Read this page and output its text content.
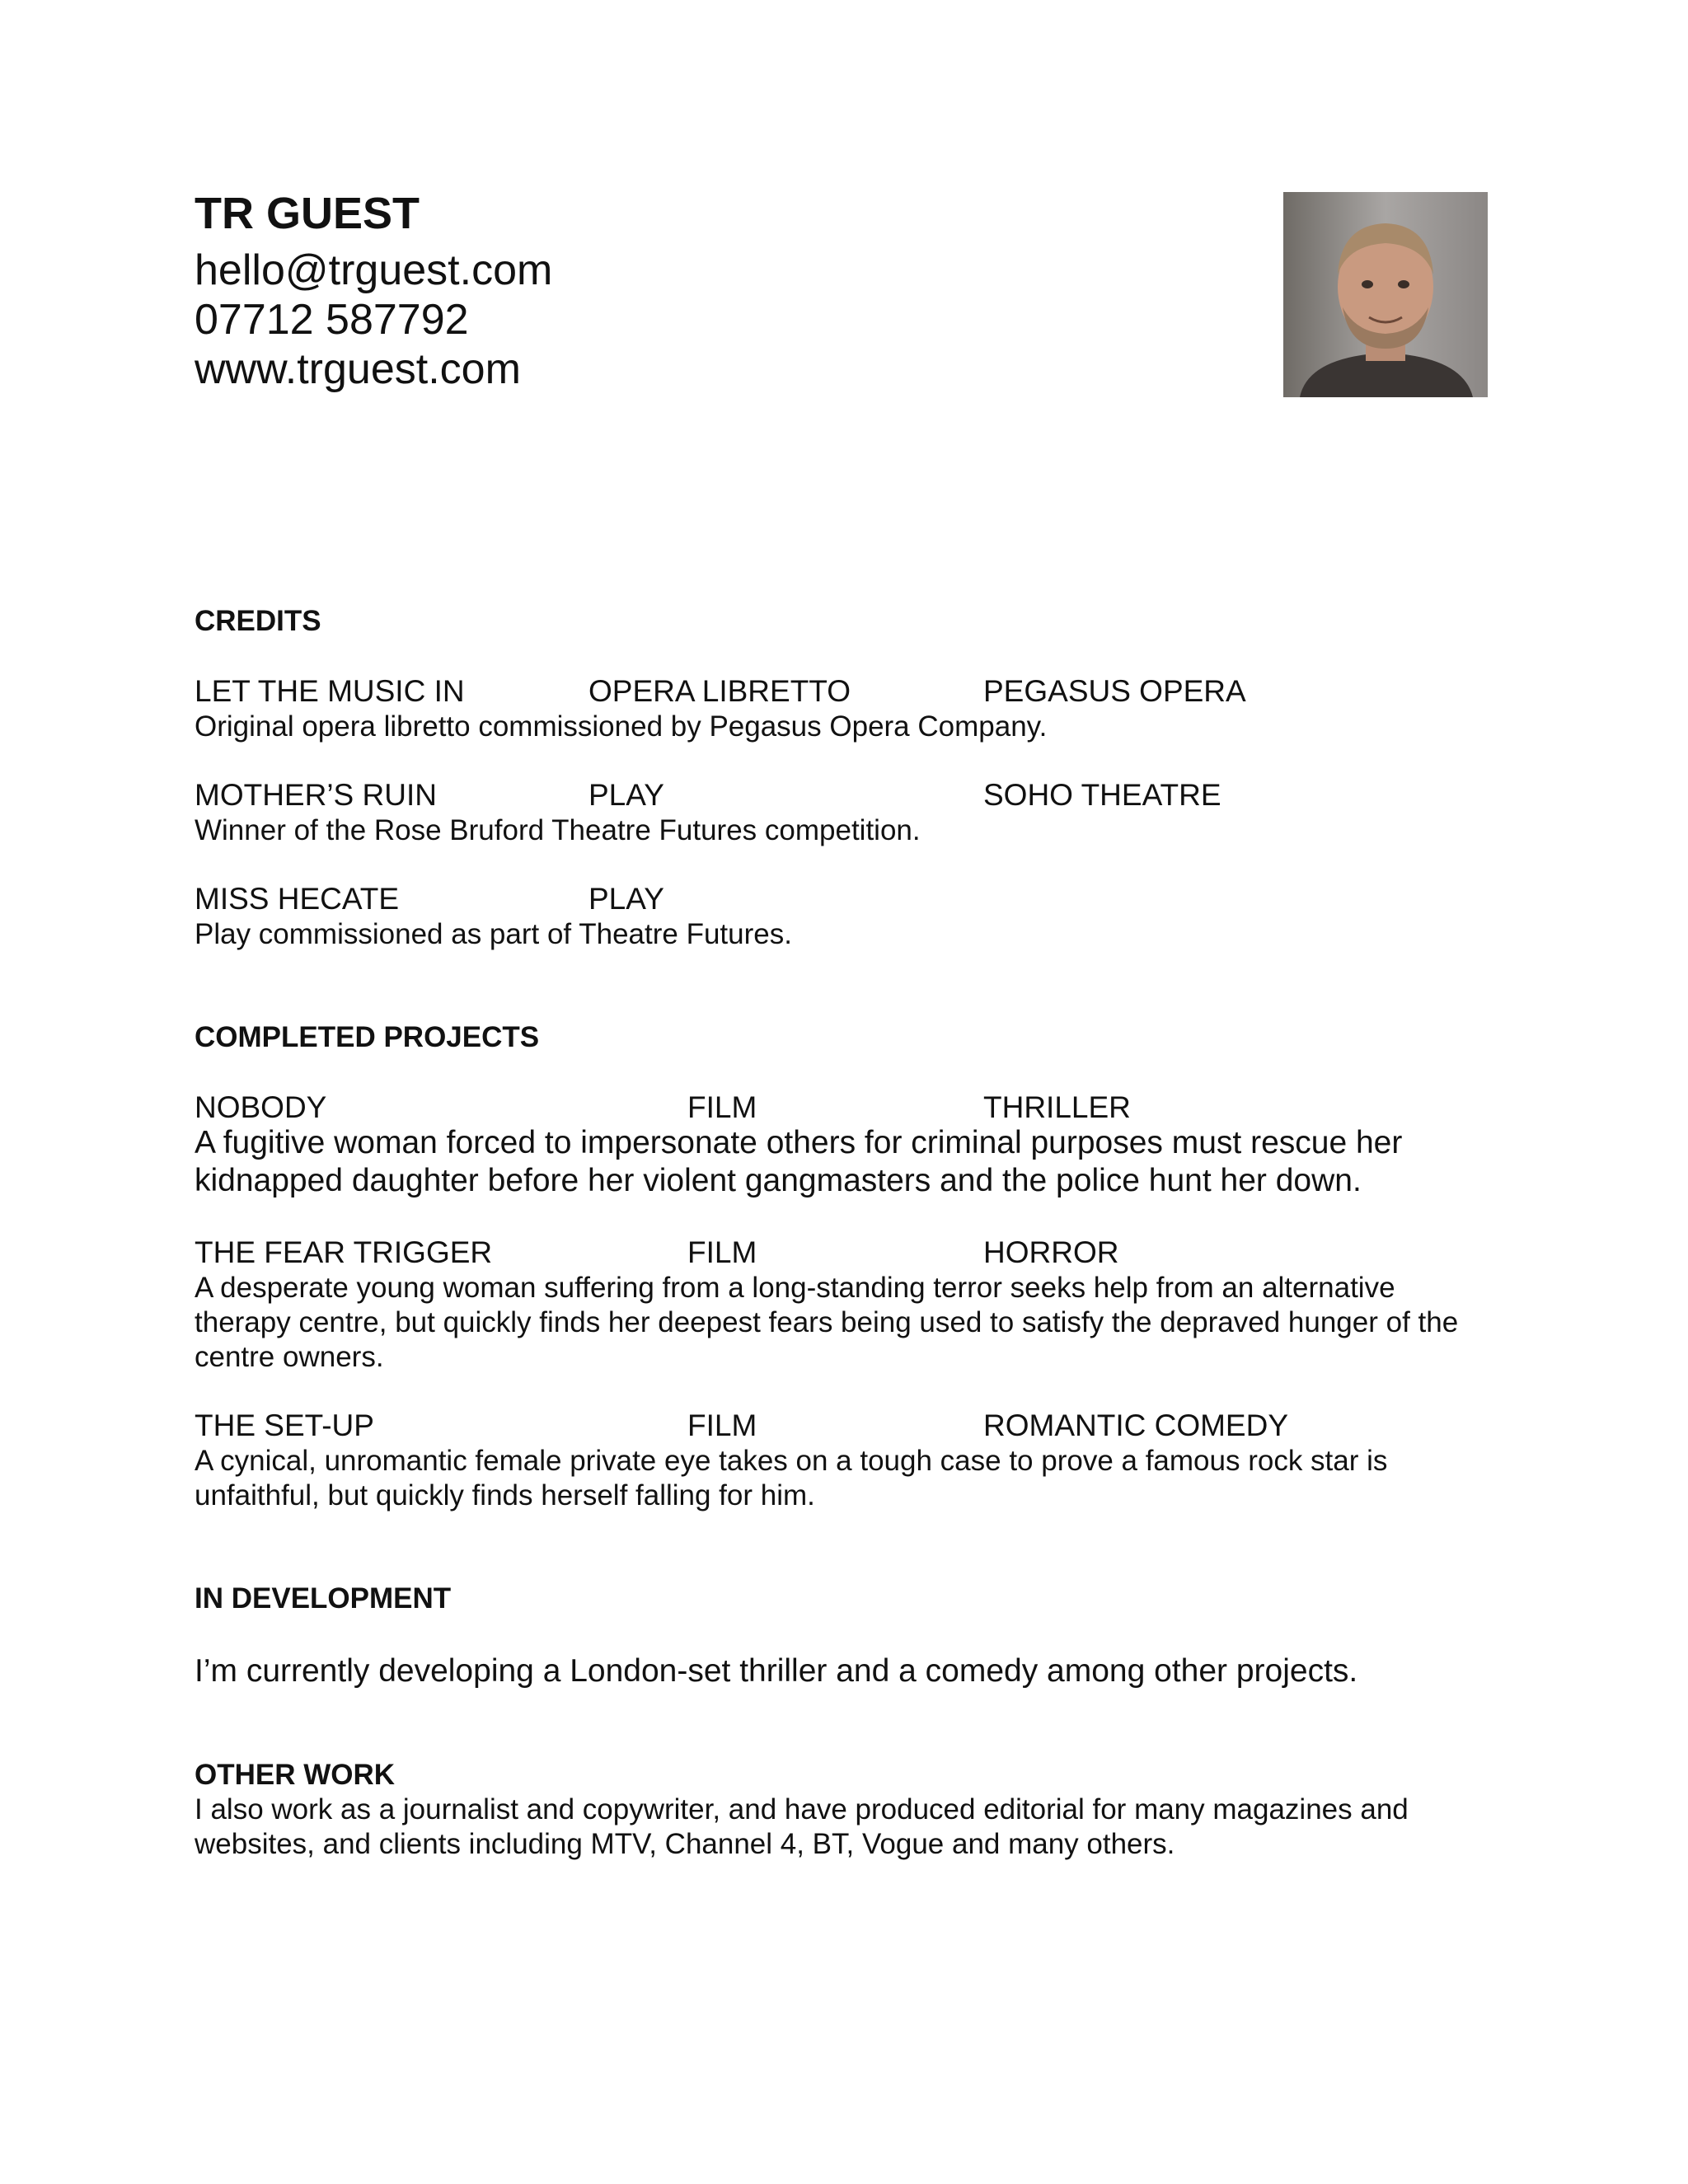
TR GUEST
hello@trguest.com
07712 587792
www.trguest.com
CREDITS
LET THE MUSIC IN	OPERA LIBRETTO	PEGASUS OPERA
Original opera libretto commissioned by Pegasus Opera Company.
MOTHER’S RUIN	PLAY	SOHO THEATRE
Winner of the Rose Bruford Theatre Futures competition.
MISS HECATE	PLAY
Play commissioned as part of Theatre Futures.
COMPLETED PROJECTS
NOBODY	FILM	THRILLER
A fugitive woman forced to impersonate others for criminal purposes must rescue her kidnapped daughter before her violent gangmasters and the police hunt her down.
THE FEAR TRIGGER	FILM	HORROR
A desperate young woman suffering from a long-standing terror seeks help from an alternative therapy centre, but quickly finds her deepest fears being used to satisfy the depraved hunger of the centre owners.
THE SET-UP	FILM	ROMANTIC COMEDY
A cynical, unromantic female private eye takes on a tough case to prove a famous rock star is unfaithful, but quickly finds herself falling for him.
IN DEVELOPMENT
I’m currently developing a London-set thriller and a comedy among other projects.
OTHER WORK
I also work as a journalist and copywriter, and have produced editorial for many magazines and websites, and clients including MTV, Channel 4, BT, Vogue and many others.
